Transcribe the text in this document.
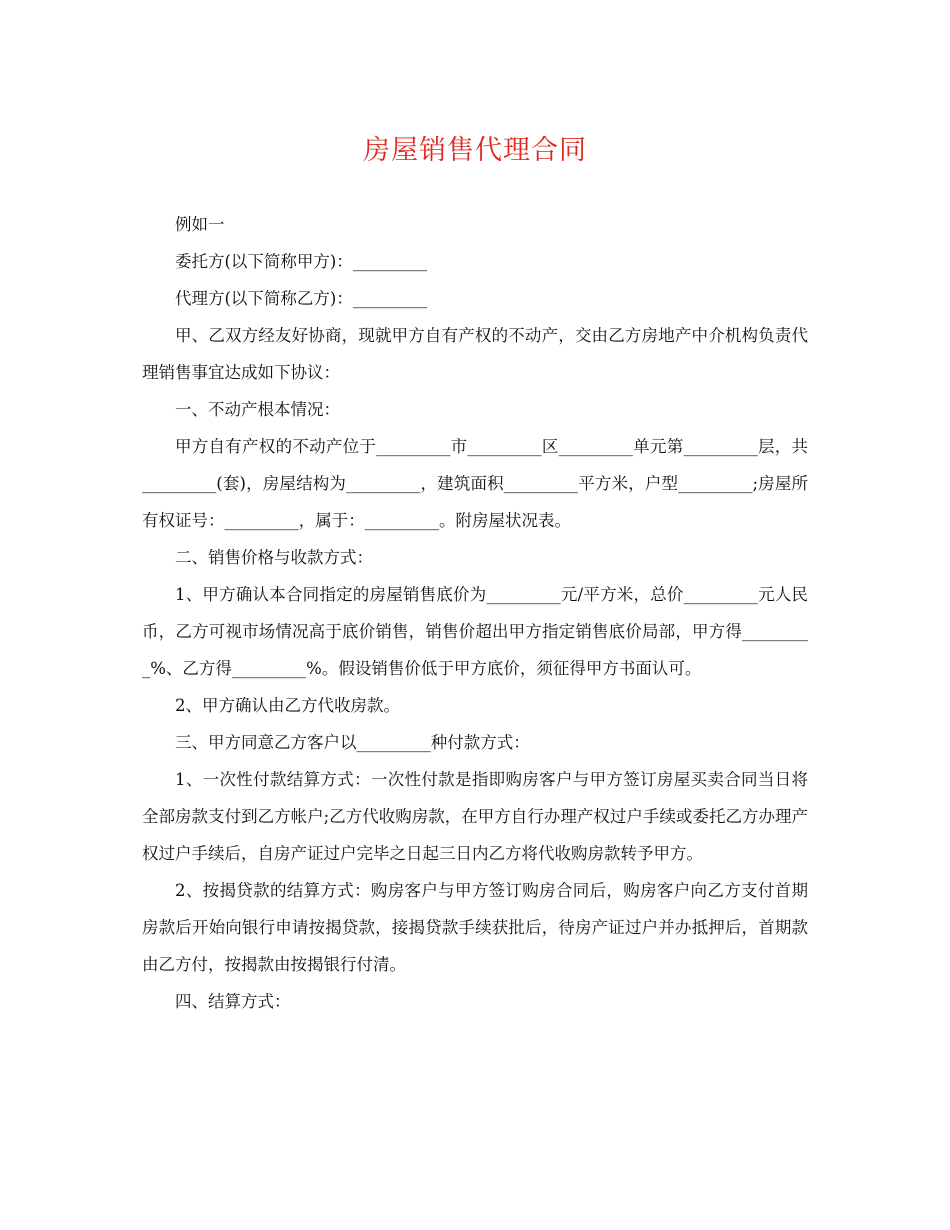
房屋销售代理合同

例如一

委托方(以下简称甲方)：_________

代理方(以下简称乙方)：_________

甲、乙双方经友好协商，现就甲方自有产权的不动产，交由乙方房地产中介机构负责代理销售事宜达成如下协议：

一、不动产根本情况：

甲方自有产权的不动产位于_________市_________区_________单元第_________层，共_________(套)，房屋结构为_________，建筑面积_________平方米，户型_________;房屋所有权证号：_________，属于：_________。附房屋状况表。

二、销售价格与收款方式：

1、甲方确认本合同指定的房屋销售底价为_________元/平方米，总价_________元人民币，乙方可视市场情况高于底价销售，销售价超出甲方指定销售底价局部，甲方得_________%、乙方得_________%。假设销售价低于甲方底价，须征得甲方书面认可。

2、甲方确认由乙方代收房款。

三、甲方同意乙方客户以_________种付款方式：

1、一次性付款结算方式：一次性付款是指即购房客户与甲方签订房屋买卖合同当日将全部房款支付到乙方帐户;乙方代收购房款，在甲方自行办理产权过户手续或委托乙方办理产权过户手续后，自房产证过户完毕之日起三日内乙方将代收购房款转予甲方。

2、按揭贷款的结算方式：购房客户与甲方签订购房合同后，购房客户向乙方支付首期房款后开始向银行申请按揭贷款，接揭贷款手续获批后，待房产证过户并办抵押后，首期款由乙方付，按揭款由按揭银行付清。

四、结算方式：
